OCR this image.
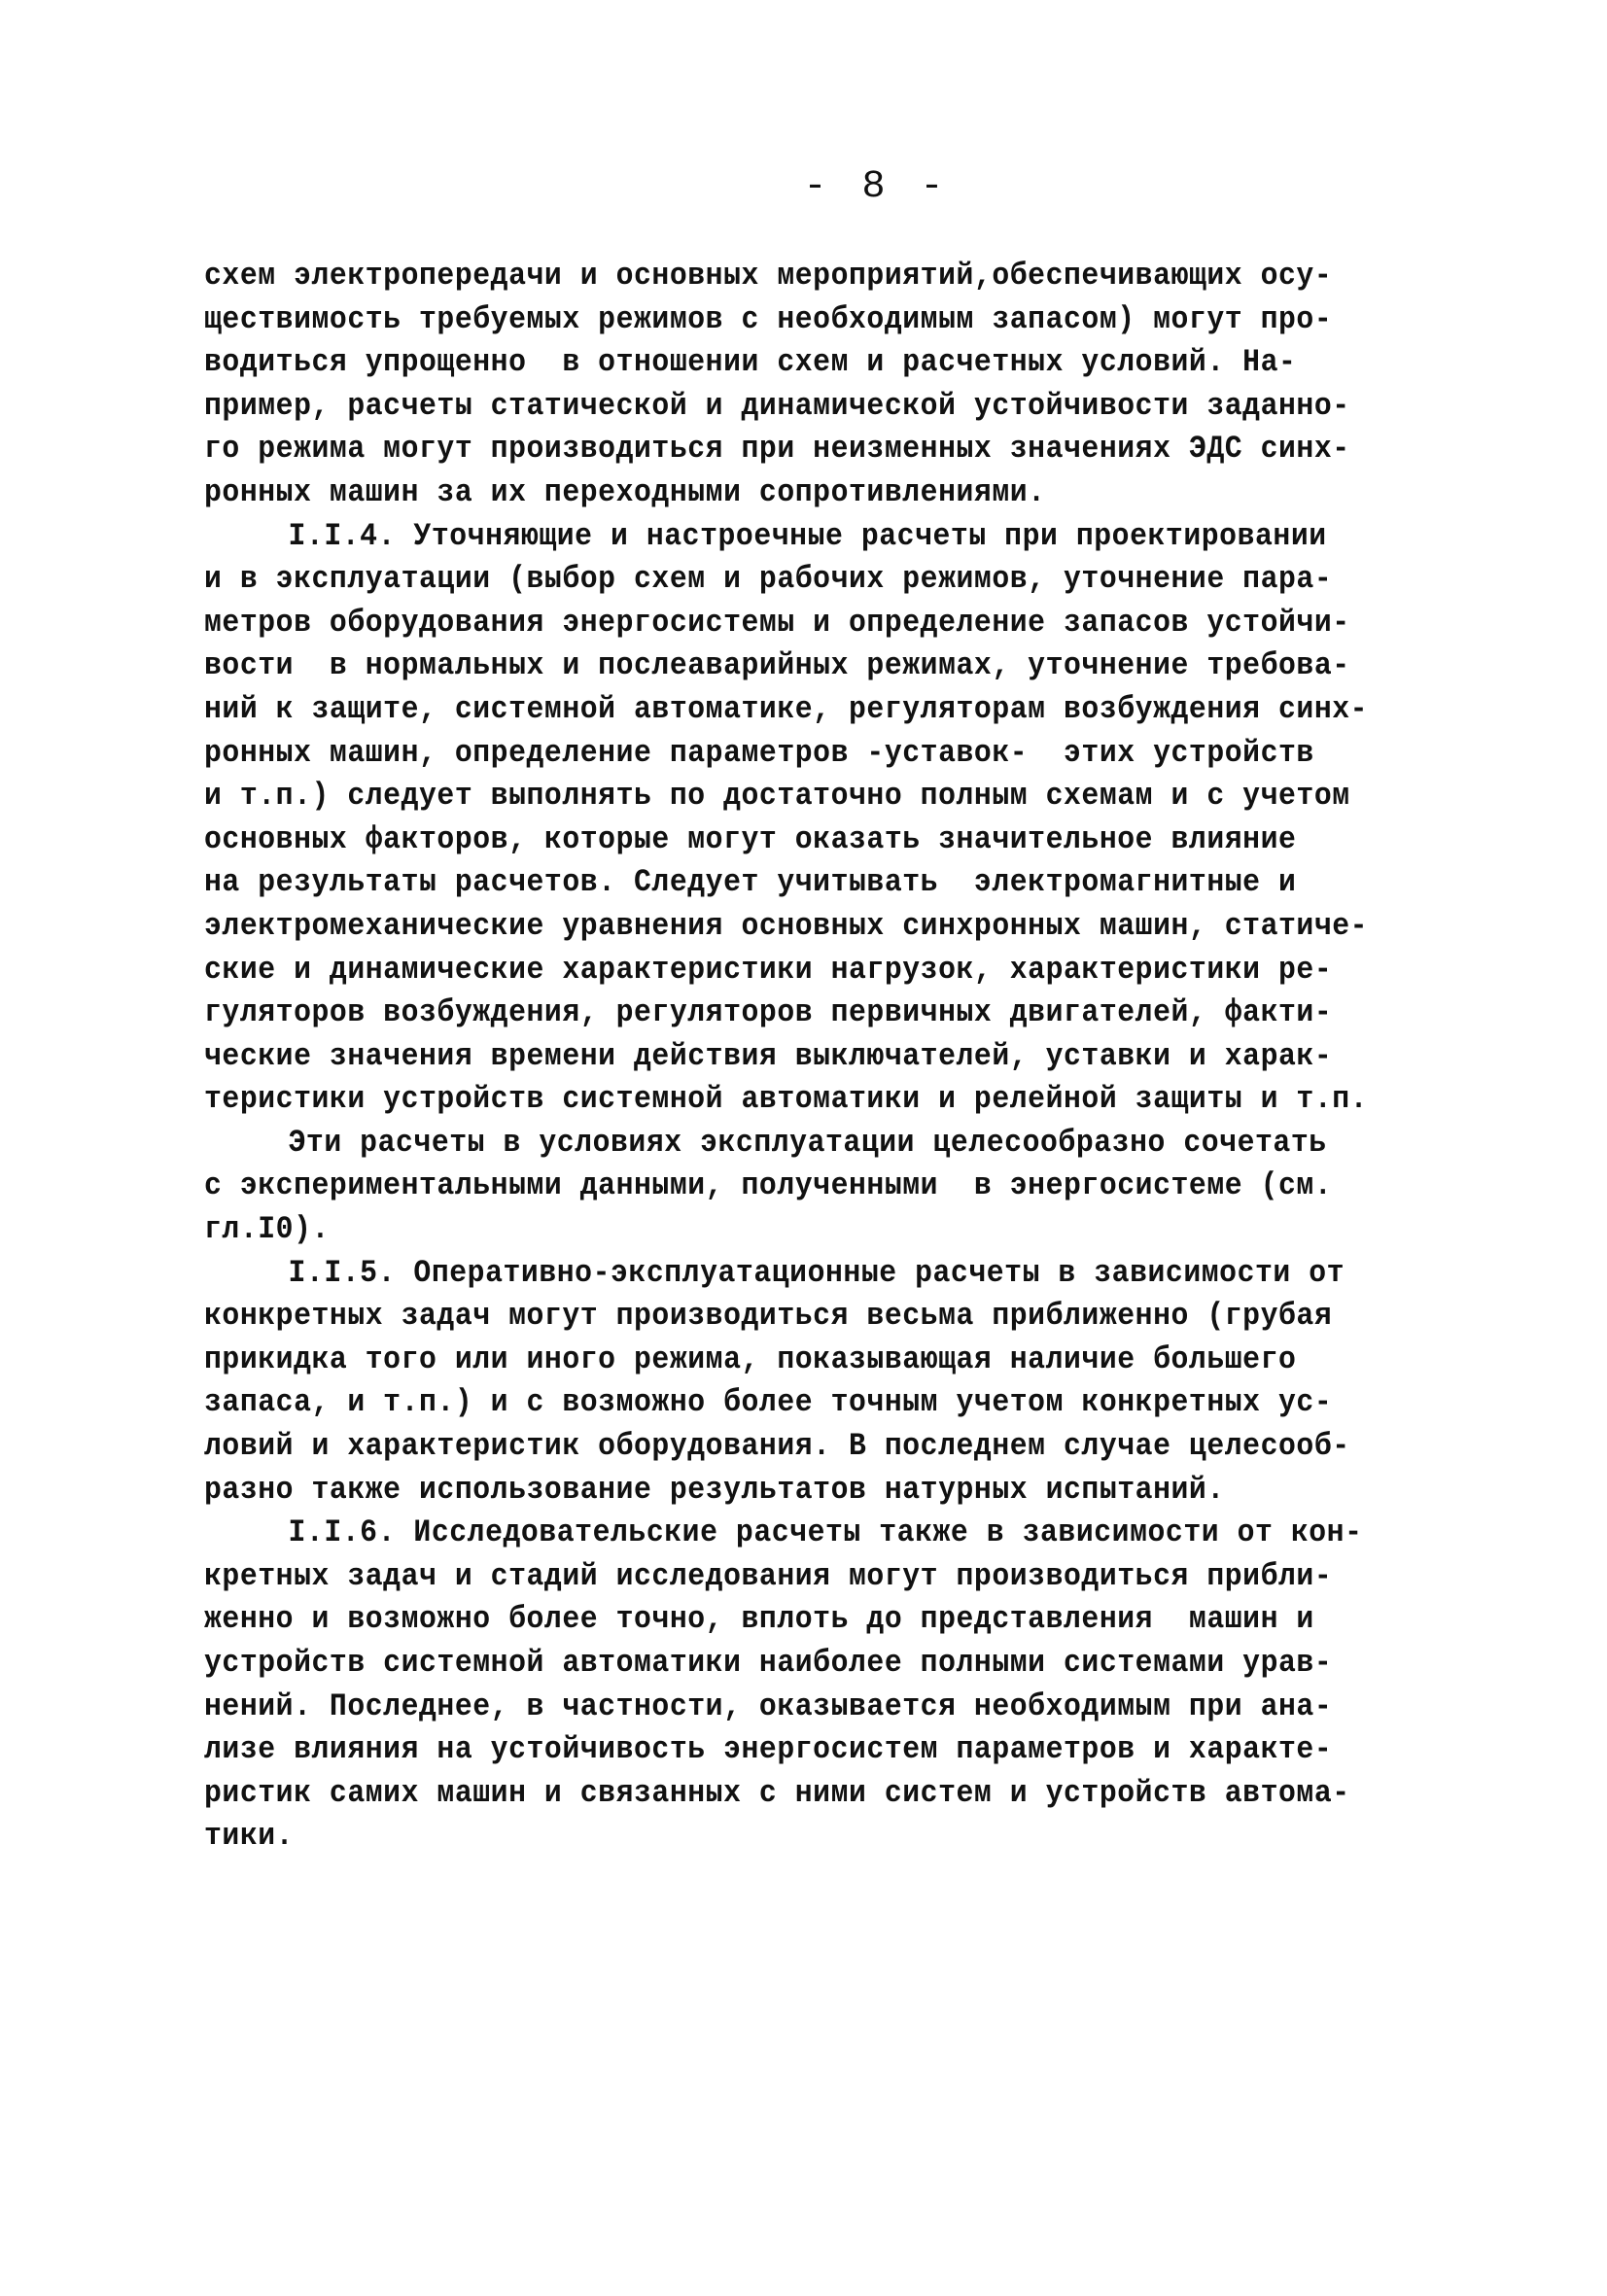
- 8 -
схем электропередачи и основных мероприятий,обеспечивающих осу-
ществимость требуемых режимов с необходимым запасом) могут про-
водиться упрощенно  в отношении схем и расчетных условий. На-
пример, расчеты статической и динамической устойчивости заданно-
го режима могут производиться при неизменных значениях ЭДС синх-
ронных машин за их переходными сопротивлениями.
I.I.4. Уточняющие и настроечные расчеты при проектировании
и в эксплуатации (выбор схем и рабочих режимов, уточнение пара-
метров оборудования энергосистемы и определение запасов устойчи-
вости  в нормальных и послеаварийных режимах, уточнение требова-
ний к защите, системной автоматике, регуляторам возбуждения синх-
ронных машин, определение параметров -уставок-  этих устройств
и т.п.) следует выполнять по достаточно полным схемам и с учетом
основных факторов, которые могут оказать значительное влияние
на результаты расчетов. Следует учитывать  электромагнитные и
электромеханические уравнения основных синхронных машин, статиче-
ские и динамические характеристики нагрузок, характеристики ре-
гуляторов возбуждения, регуляторов первичных двигателей, факти-
ческие значения времени действия выключателей, уставки и харак-
теристики устройств системной автоматики и релейной защиты и т.п.
Эти расчеты в условиях эксплуатации целесообразно сочетать
с экспериментальными данными, полученными  в энергосистеме (см.
гл.I0).
I.I.5. Оперативно-эксплуатационные расчеты в зависимости от
конкретных задач могут производиться весьма приближенно (грубая
прикидка того или иного режима, показывающая наличие большего
запаса, и т.п.) и с возможно более точным учетом конкретных ус-
ловий и характеристик оборудования. В последнем случае целесооб-
разно также использование результатов натурных испытаний.
I.I.6. Исследовательские расчеты также в зависимости от кон-
кретных задач и стадий исследования могут производиться прибли-
женно и возможно более точно, вплоть до представления  машин и
устройств системной автоматики наиболее полными системами урав-
нений. Последнее, в частности, оказывается необходимым при ана-
лизе влияния на устойчивость энергосистем параметров и характе-
ристик самих машин и связанных с ними систем и устройств автома-
тики.
